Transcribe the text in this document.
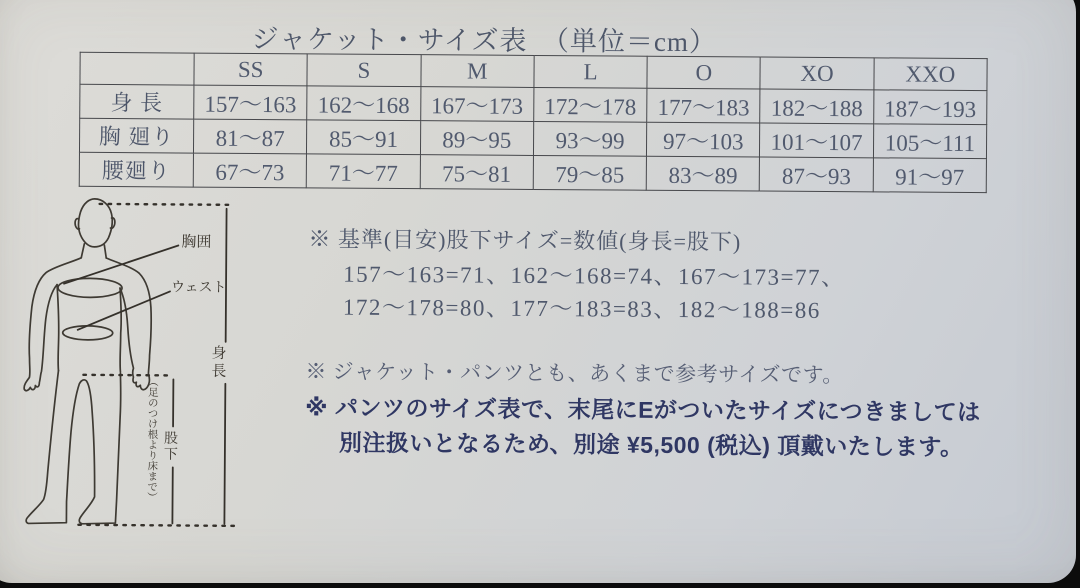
ジャケット・サイズ表　（単位＝cm）
	SS	S	M	L	O	XO	XXO
身 長	157〜163	162〜168	167〜173	172〜178	177〜183	182〜188	187〜193
胸 廻り	81〜87	85〜91	89〜95	93〜99	97〜103	101〜107	105〜111
腰廻り	67〜73	71〜77	75〜81	79〜85	83〜89	87〜93	91〜97
胸囲
ウェスト
身長
股下
（足のつけ根より床まで）
※ 基準(目安)股下サイズ=数値(身長=股下)
157〜163=71、162〜168=74、167〜173=77、
172〜178=80、177〜183=83、182〜188=86
※ ジャケット・パンツとも、あくまで参考サイズです。
※ パンツのサイズ表で、末尾にEがついたサイズにつきましては
別注扱いとなるため、別途 ¥5,500 (税込) 頂戴いたします。
